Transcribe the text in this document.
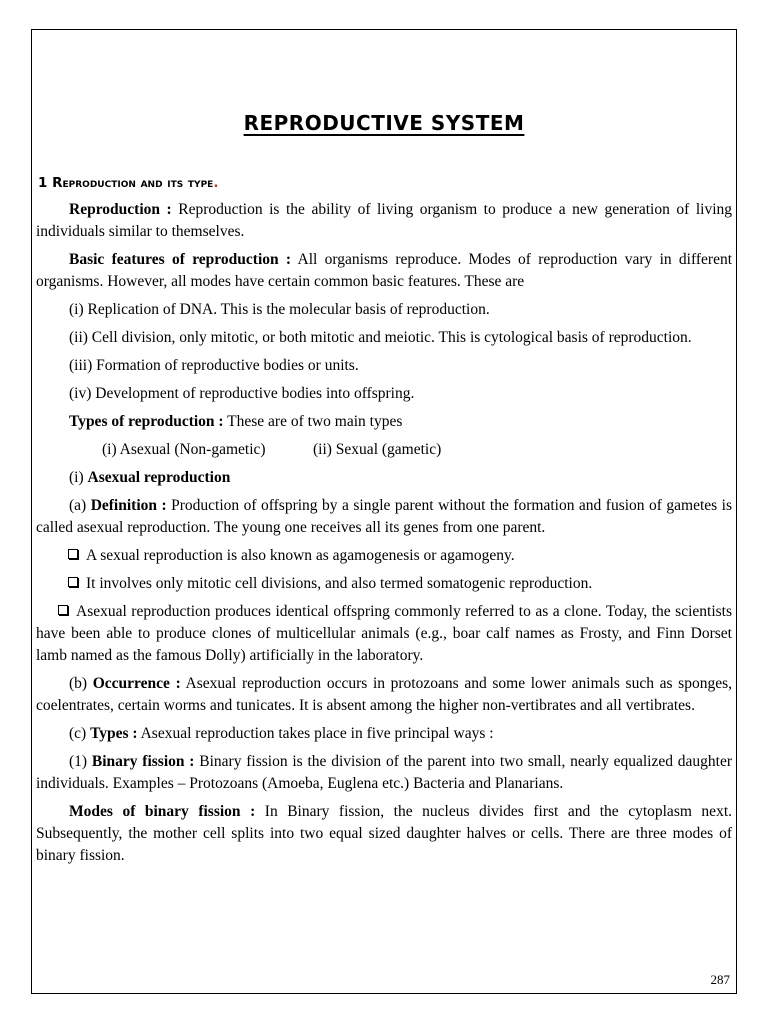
REPRODUCTIVE SYSTEM
1 Reproduction and its type.

Reproduction : Reproduction is the ability of living organism to produce a new generation of living individuals similar to themselves.

Basic features of reproduction : All organisms reproduce. Modes of reproduction vary in different organisms. However, all modes have certain common basic features. These are

(i) Replication of DNA. This is the molecular basis of reproduction.

(ii) Cell division, only mitotic, or both mitotic and meiotic. This is cytological basis of reproduction.

(iii) Formation of reproductive bodies or units.

(iv) Development of reproductive bodies into offspring.

Types of reproduction : These are of two main types

(i) Asexual (Non-gametic)	(ii) Sexual (gametic)

(i) Asexual reproduction

(a) Definition : Production of offspring by a single parent without the formation and fusion of gametes is called asexual reproduction. The young one receives all its genes from one parent.

A sexual reproduction is also known as agamogenesis or agamogeny.

It involves only mitotic cell divisions, and also termed somatogenic reproduction.

Asexual reproduction produces identical offspring commonly referred to as a clone. Today, the scientists have been able to produce clones of multicellular animals (e.g., boar calf names as Frosty, and Finn Dorset lamb named as the famous Dolly) artificially in the laboratory.

(b) Occurrence : Asexual reproduction occurs in protozoans and some lower animals such as sponges, coelentrates, certain worms and tunicates. It is absent among the higher non-vertibrates and all vertibrates.

(c) Types : Asexual reproduction takes place in five principal ways :

(1) Binary fission : Binary fission is the division of the parent into two small, nearly equalized daughter individuals. Examples – Protozoans (Amoeba, Euglena etc.) Bacteria and Planarians.

Modes of binary fission : In Binary fission, the nucleus divides first and the cytoplasm next. Subsequently, the mother cell splits into two equal sized daughter halves or cells. There are three modes of binary fission.

287
